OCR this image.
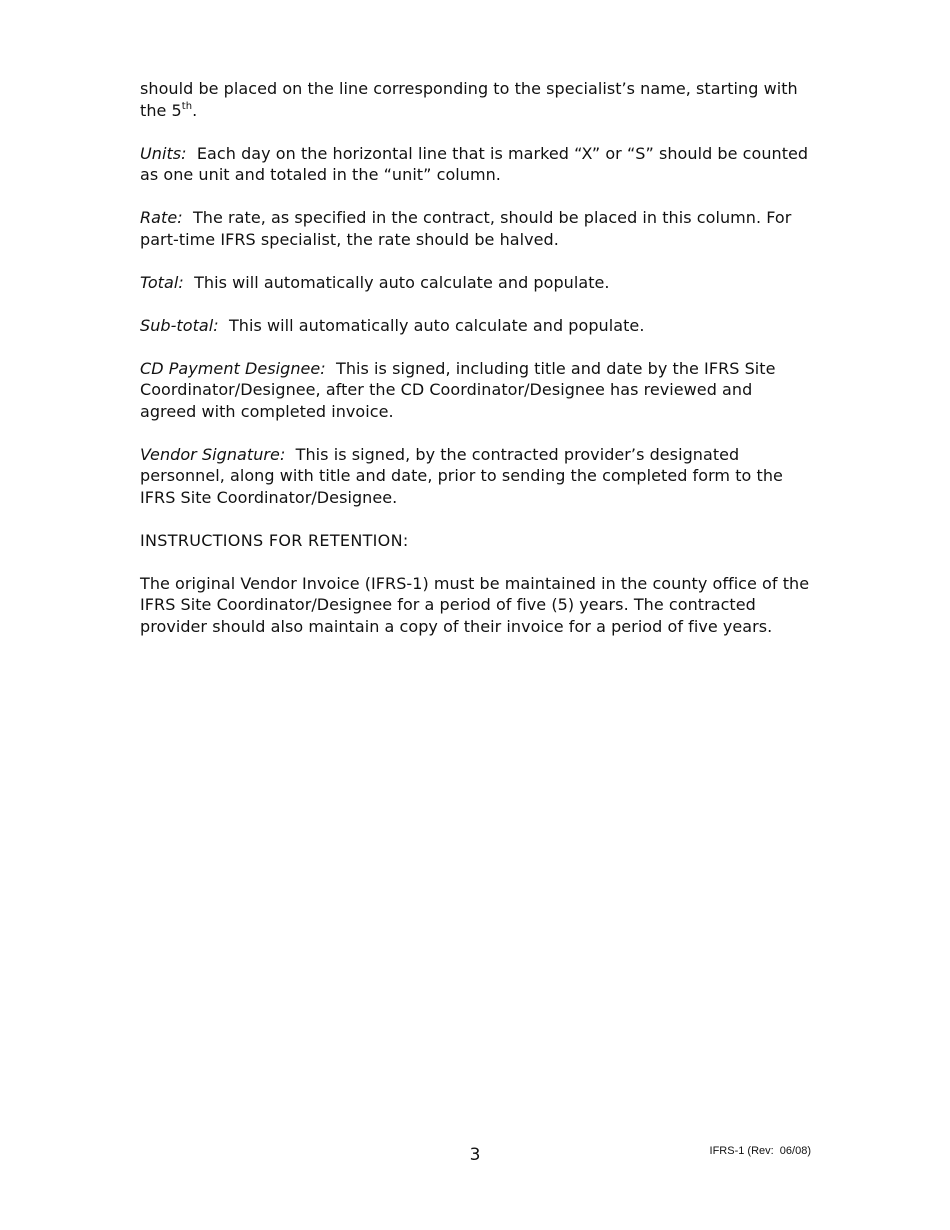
should be placed on the line corresponding to the specialist’s name, starting with the 5th.

Units: Each day on the horizontal line that is marked “X” or “S” should be counted as one unit and totaled in the “unit” column.

Rate: The rate, as specified in the contract, should be placed in this column. For part-time IFRS specialist, the rate should be halved.

Total: This will automatically auto calculate and populate.

Sub-total: This will automatically auto calculate and populate.

CD Payment Designee: This is signed, including title and date by the IFRS Site Coordinator/Designee, after the CD Coordinator/Designee has reviewed and agreed with completed invoice.

Vendor Signature: This is signed, by the contracted provider’s designated personnel, along with title and date, prior to sending the completed form to the IFRS Site Coordinator/Designee.

INSTRUCTIONS FOR RETENTION:

The original Vendor Invoice (IFRS-1) must be maintained in the county office of the IFRS Site Coordinator/Designee for a period of five (5) years. The contracted provider should also maintain a copy of their invoice for a period of five years.

3	IFRS-1 (Rev:  06/08)
